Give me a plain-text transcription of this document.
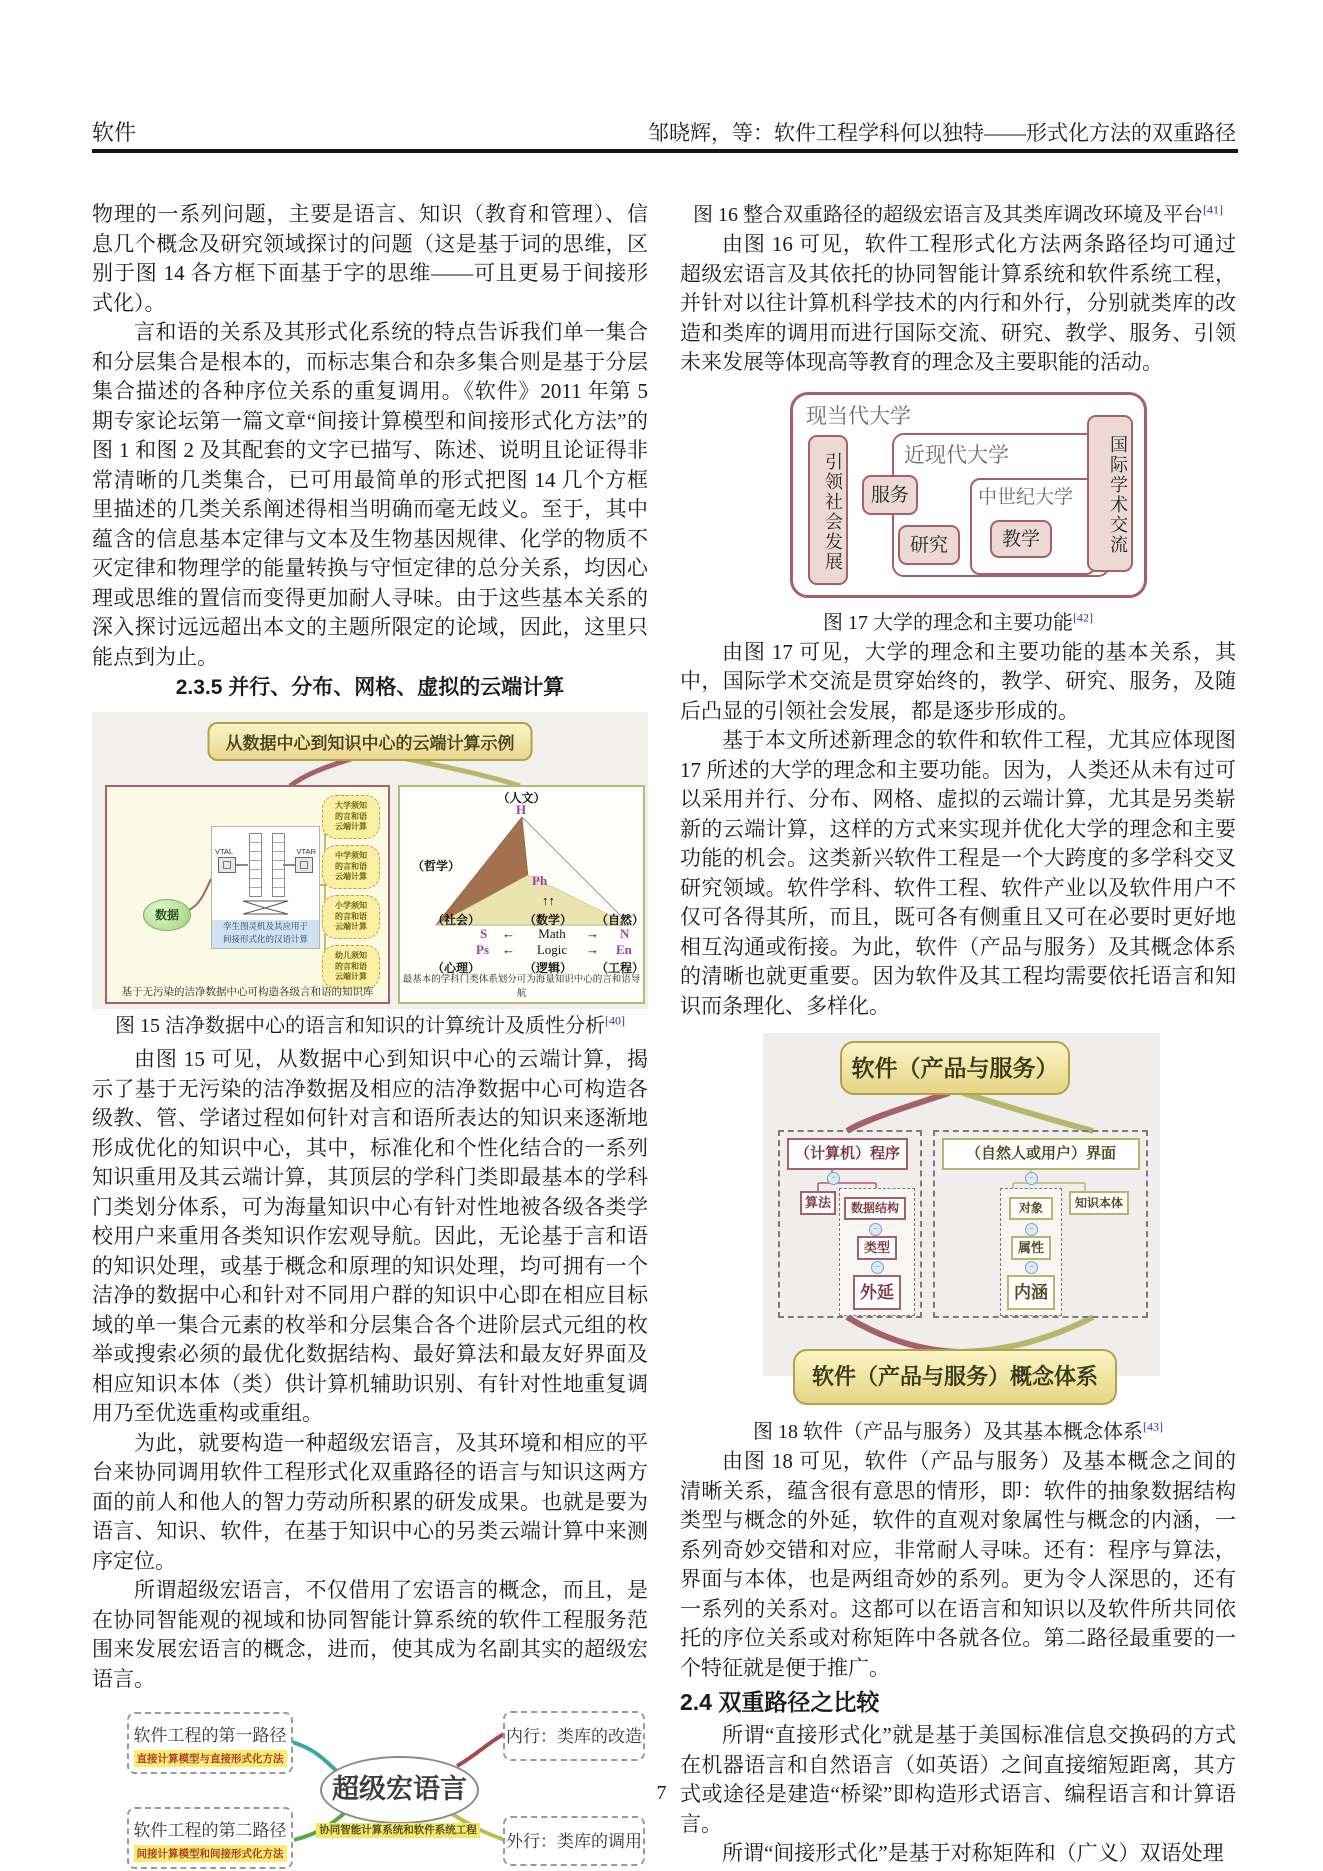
软件	邹晓辉，等：软件工程学科何以独特——形式化方法的双重路径

物理的一系列问题，主要是语言、知识（教育和管理）、信息几个概念及研究领域探讨的问题（这是基于词的思维，区别于图 14 各方框下面基于字的思维——可且更易于间接形式化）。

言和语的关系及其形式化系统的特点告诉我们单一集合和分层集合是根本的，而标志集合和杂多集合则是基于分层集合描述的各种序位关系的重复调用。《软件》2011 年第 5 期专家论坛第一篇文章“间接计算模型和间接形式化方法”的图 1 和图 2 及其配套的文字已描写、陈述、说明且论证得非常清晰的几类集合，已可用最简单的形式把图 14 几个方框里描述的几类关系阐述得相当明确而毫无歧义。至于，其中蕴含的信息基本定律与文本及生物基因规律、化学的物质不灭定律和物理学的能量转换与守恒定律的总分关系，均因心理或思维的置信而变得更加耐人寻味。由于这些基本关系的深入探讨远远超出本文的主题所限定的论域，因此，这里只能点到为止。

2.3.5 并行、分布、网格、虚拟的云端计算

从数据中心到知识中心的云端计算示例
数据
VTAL	VTAR
孪生图灵机及其应用于
间接形式化的汉语计算
大学须知的言和语云端计算
中学须知的言和语云端计算
小学须知的言和语云端计算
幼儿须知的言和语云端计算
基于无污染的洁净数据中心可构造各级言和语的知识库
（人文）
H
（哲学）
Ph
↑↑
（数学）
（社会）	（自然）
S ←	Math	→ N
Ps ←	Logic	→ En
（心理）	（逻辑） （工程）
最基本的学科门类体系划分可为海量知识中心的言和语导航

图 15 洁净数据中心的语言和知识的计算统计及质性分析[40]

由图 15 可见，从数据中心到知识中心的云端计算，揭示了基于无污染的洁净数据及相应的洁净数据中心可构造各级教、管、学诸过程如何针对言和语所表达的知识来逐渐地形成优化的知识中心，其中，标准化和个性化结合的一系列知识重用及其云端计算，其顶层的学科门类即最基本的学科门类划分体系，可为海量知识中心有针对性地被各级各类学校用户来重用各类知识作宏观导航。因此，无论基于言和语的知识处理，或基于概念和原理的知识处理，均可拥有一个洁净的数据中心和针对不同用户群的知识中心即在相应目标域的单一集合元素的枚举和分层集合各个进阶层式元组的枚举或搜索必须的最优化数据结构、最好算法和最友好界面及相应知识本体（类）供计算机辅助识别、有针对性地重复调用乃至优选重构或重组。

为此，就要构造一种超级宏语言，及其环境和相应的平台来协同调用软件工程形式化双重路径的语言与知识这两方面的前人和他人的智力劳动所积累的研发成果。也就是要为语言、知识、软件，在基于知识中心的另类云端计算中来测序定位。

所谓超级宏语言，不仅借用了宏语言的概念，而且，是在协同智能观的视域和协同智能计算系统的软件工程服务范围来发展宏语言的概念，进而，使其成为名副其实的超级宏语言。

软件工程的第一路径
直接计算模型与直接形式化方法
软件工程的第二路径
间接计算模型和间接形式化方法
超级宏语言
协同智能计算系统和软件系统工程
内行：类库的改造
外行：类库的调用

图 16 整合双重路径的超级宏语言及其类库调改环境及平台[41]

由图 16 可见，软件工程形式化方法两条路径均可通过超级宏语言及其依托的协同智能计算系统和软件系统工程，并针对以往计算机科学技术的内行和外行，分别就类库的改造和类库的调用而进行国际交流、研究、教学、服务、引领未来发展等体现高等教育的理念及主要职能的活动。

现当代大学
引领社会发展	近现代大学
服务	中世纪大学
研究	教学	国际学术交流

图 17 大学的理念和主要功能[42]

由图 17 可见，大学的理念和主要功能的基本关系，其中，国际学术交流是贯穿始终的，教学、研究、服务，及随后凸显的引领社会发展，都是逐步形成的。

基于本文所述新理念的软件和软件工程，尤其应体现图 17 所述的大学的理念和主要功能。因为，人类还从未有过可以采用并行、分布、网格、虚拟的云端计算，尤其是另类崭新的云端计算，这样的方式来实现并优化大学的理念和主要功能的机会。这类新兴软件工程是一个大跨度的多学科交叉研究领域。软件学科、软件工程、软件产业以及软件用户不仅可各得其所，而且，既可各有侧重且又可在必要时更好地相互沟通或衔接。为此，软件（产品与服务）及其概念体系的清晰也就更重要。因为软件及其工程均需要依托语言和知识而条理化、多样化。

软件（产品与服务）
（计算机）程序
算法	数据结构
类型
外延
（自然人或用户）界面
对象	知识本体
属性
内涵
−
−
−
−
−
−
软件（产品与服务）概念体系

图 18 软件（产品与服务）及其基本概念体系[43]

由图 18 可见，软件（产品与服务）及基本概念之间的清晰关系，蕴含很有意思的情形，即：软件的抽象数据结构类型与概念的外延，软件的直观对象属性与概念的内涵，一系列奇妙交错和对应，非常耐人寻味。还有：程序与算法，界面与本体，也是两组奇妙的系列。更为令人深思的，还有一系列的关系对。这都可以在语言和知识以及软件所共同依托的序位关系或对称矩阵中各就各位。第二路径最重要的一个特征就是便于推广。

2.4 双重路径之比较

所谓“直接形式化”就是基于美国标准信息交换码的方式在机器语言和自然语言（如英语）之间直接缩短距离，其方式或途径是建造“桥梁”即构造形式语言、编程语言和计算语言。

所谓“间接形式化”是基于对称矩阵和（广义）双语处理

7
